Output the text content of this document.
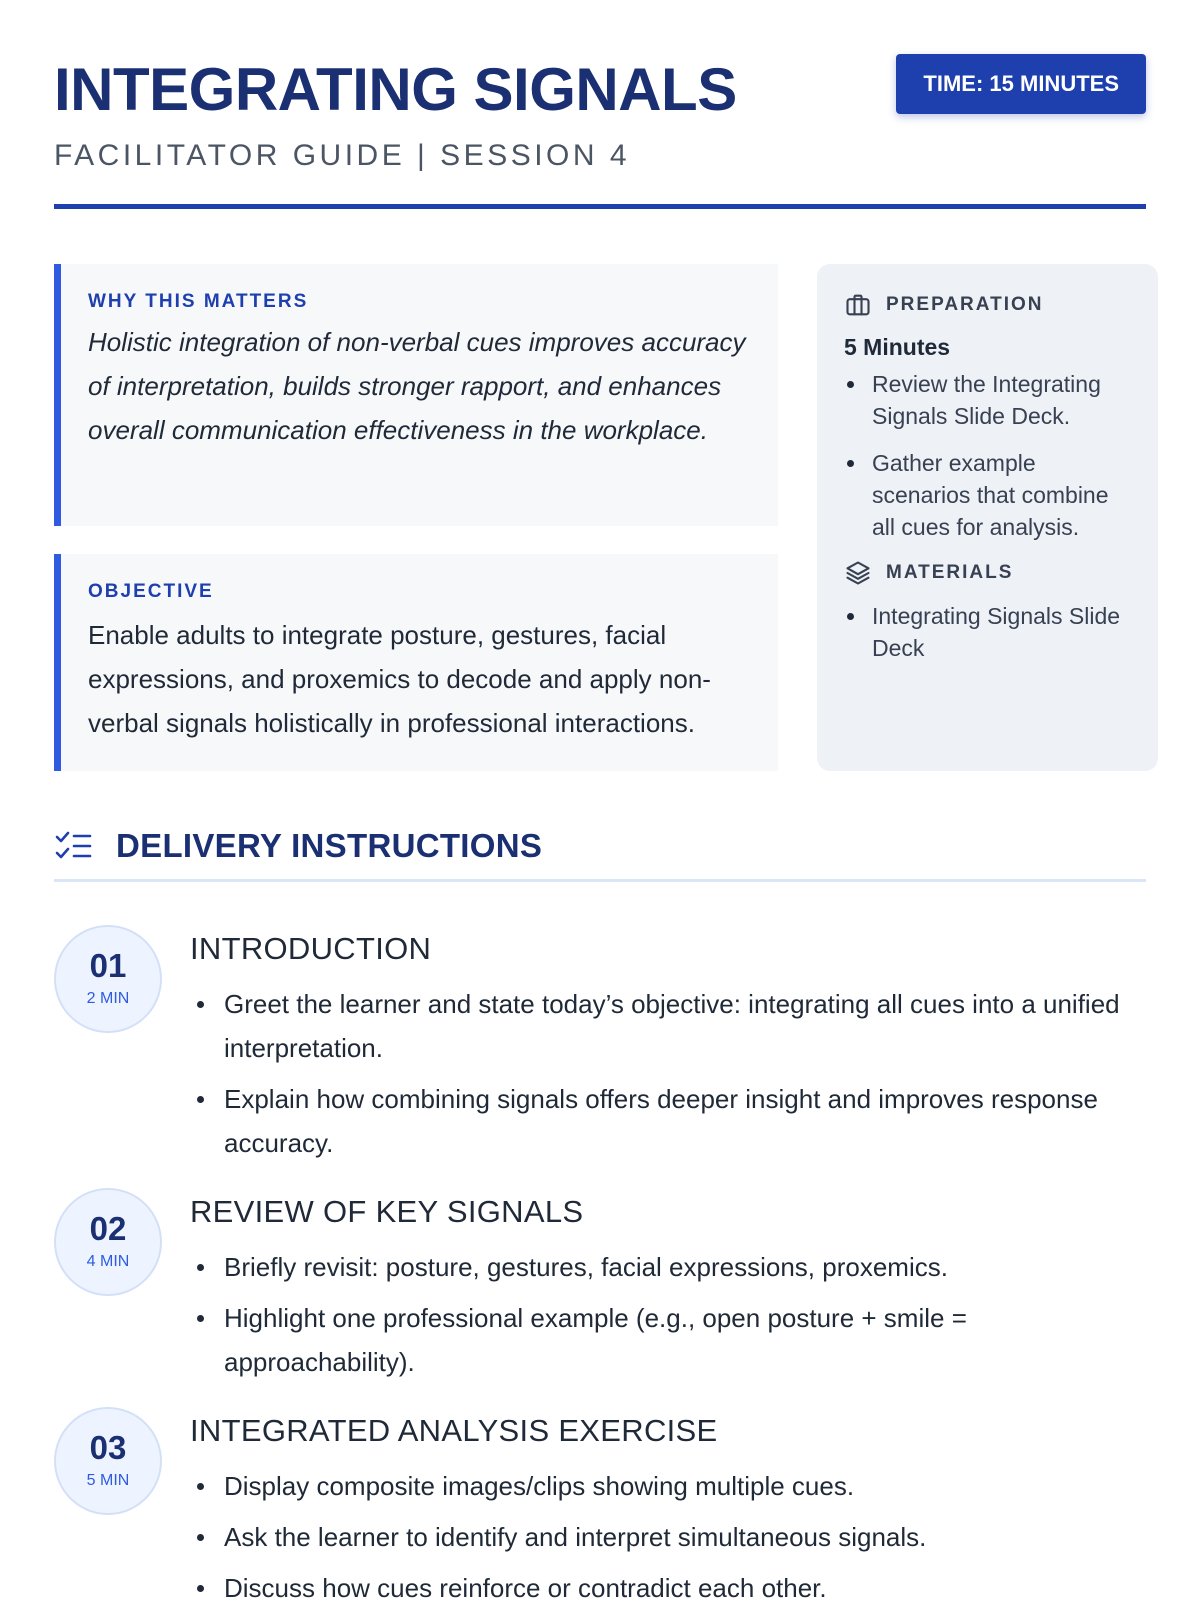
INTEGRATING SIGNALS
FACILITATOR GUIDE | SESSION 4
TIME: 15 MINUTES
WHY THIS MATTERS
Holistic integration of non-verbal cues improves accuracy of interpretation, builds stronger rapport, and enhances overall communication effectiveness in the workplace.
OBJECTIVE
Enable adults to integrate posture, gestures, facial expressions, and proxemics to decode and apply non-verbal signals holistically in professional interactions.
PREPARATION
5 Minutes
Review the Integrating Signals Slide Deck.
Gather example scenarios that combine all cues for analysis.
MATERIALS
Integrating Signals Slide Deck
DELIVERY INSTRUCTIONS
01
2 MIN
INTRODUCTION
Greet the learner and state today’s objective: integrating all cues into a unified interpretation.
Explain how combining signals offers deeper insight and improves response accuracy.
02
4 MIN
REVIEW OF KEY SIGNALS
Briefly revisit: posture, gestures, facial expressions, proxemics.
Highlight one professional example (e.g., open posture + smile = approachability).
03
5 MIN
INTEGRATED ANALYSIS EXERCISE
Display composite images/clips showing multiple cues.
Ask the learner to identify and interpret simultaneous signals.
Discuss how cues reinforce or contradict each other.
